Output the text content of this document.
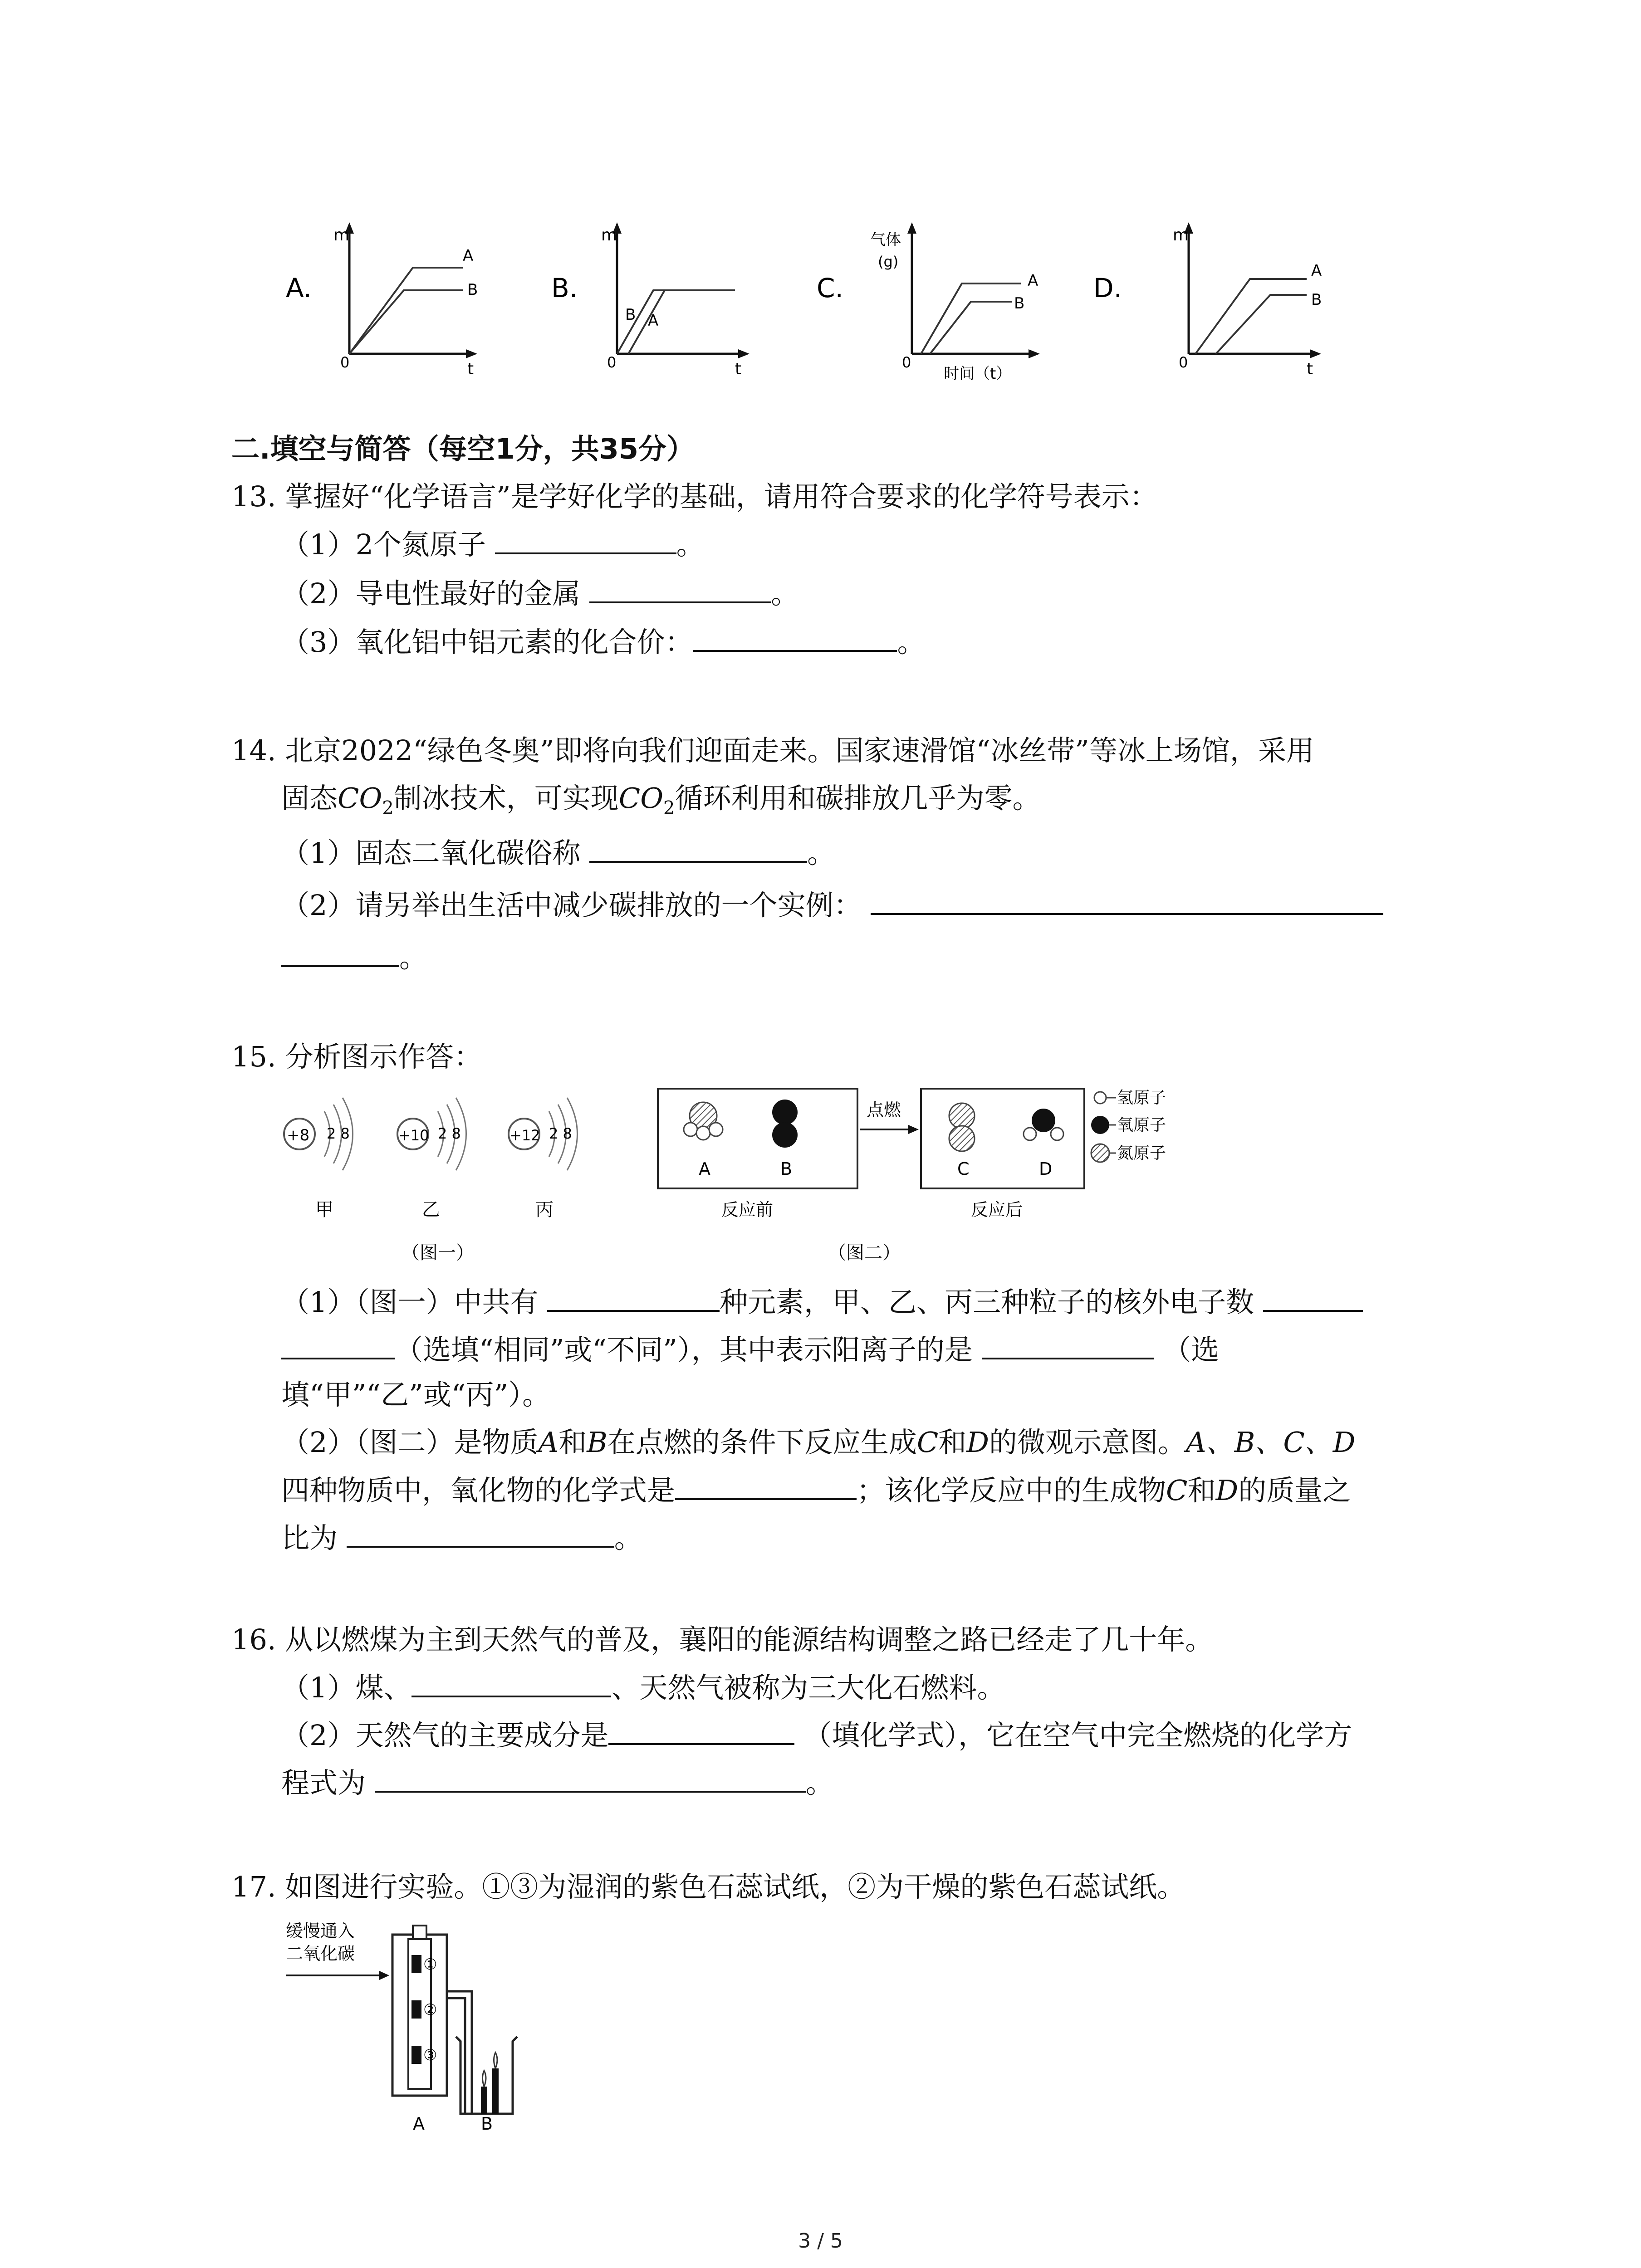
A.
m
t
0
A
B	B.
m
t
0
B A
C.
气体
(g)
时间（t）
0
A
B	D.
m
t
0
A
B
二.填空与简答（每空1分，共35分）
13. 掌握好“化学语言”是学好化学的基础，请用符合要求的化学符号表示：
（1）2个氮原子	。
（2）导电性最好的金属	。
（3）氧化铝中铝元素的化合价：	。
14. 北京2022“绿色冬奥”即将向我们迎面走来。国家速滑馆“冰丝带”等冰上场馆，采用
固态$CO_2$制冰技术，可实现$CO_2$循环利用和碳排放几乎为零。
（1）固态二氧化碳俗称	。
（2）请另举出生活中减少碳排放的一个实例：
。
15. 分析图示作答：
+8 2 8
甲
+10 2 8
乙
+12 2 8
丙
（图一）
A	B
反应前
点燃
C	D
反应后
氢原子
氧原子
氮原子
（图二）
（1）（图一）中共有	种元素，甲、乙、丙三种粒子的核外电子数
（选填“相同”或“不同”），其中表示阳离子的是	（选
填“甲”“乙”或“丙”）。
（2）（图二）是物质A和B在点燃的条件下反应生成C和D的微观示意图。A、B、C、D
四种物质中，氧化物的化学式是	；该化学反应中的生成物C和D的质量之
比为	。
16. 从以燃煤为主到天然气的普及，襄阳的能源结构调整之路已经走了几十年。
（1）煤、	、天然气被称为三大化石燃料。
（2）天然气的主要成分是	（填化学式），它在空气中完全燃烧的化学方
程式为	。
17. 如图进行实验。①③为湿润的紫色石蕊试纸，②为干燥的紫色石蕊试纸。
缓慢通入
二氧化碳
①
②
③
A	B
3 / 5
